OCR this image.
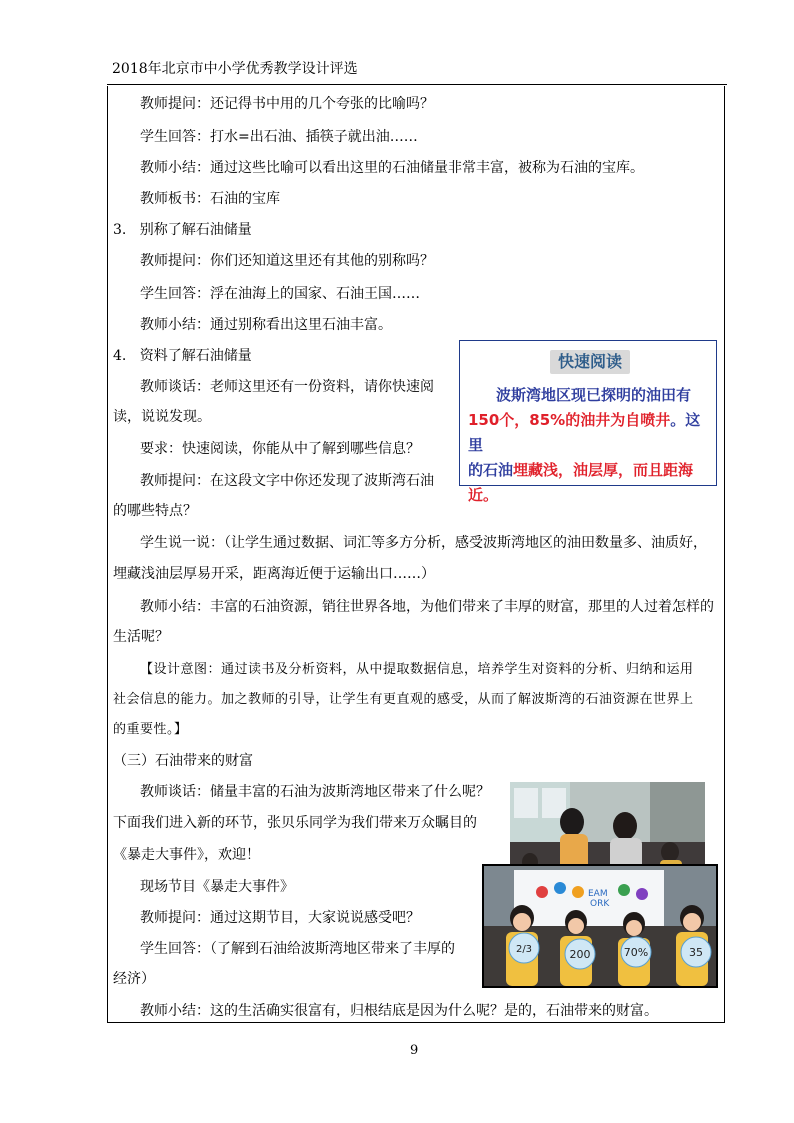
2018年北京市中小学优秀教学设计评选
教师提问：还记得书中用的几个夸张的比喻吗？
学生回答：打水=出石油、插筷子就出油……
教师小结：通过这些比喻可以看出这里的石油储量非常丰富，被称为石油的宝库。
教师板书：石油的宝库
3.   别称了解石油储量
教师提问：你们还知道这里还有其他的别称吗？
学生回答：浮在油海上的国家、石油王国……
教师小结：通过别称看出这里石油丰富。
4.   资料了解石油储量
教师谈话：老师这里还有一份资料，请你快速阅
读，说说发现。
要求：快速阅读，你能从中了解到哪些信息？
教师提问：在这段文字中你还发现了波斯湾石油
的哪些特点？
学生说一说：（让学生通过数据、词汇等多方分析，感受波斯湾地区的油田数量多、油质好，
埋藏浅油层厚易开采，距离海近便于运输出口……）
教师小结：丰富的石油资源，销往世界各地，为他们带来了丰厚的财富，那里的人过着怎样的
生活呢？
【设计意图：通过读书及分析资料，从中提取数据信息，培养学生对资料的分析、归纳和运用
社会信息的能力。加之教师的引导，让学生有更直观的感受，从而了解波斯湾的石油资源在世界上
的重要性。】
（三）石油带来的财富
教师谈话：储量丰富的石油为波斯湾地区带来了什么呢？
下面我们进入新的环节，张贝乐同学为我们带来万众瞩目的
《暴走大事件》，欢迎！
现场节目《暴走大事件》
教师提问：通过这期节目，大家说说感受吧？
学生回答：（了解到石油给波斯湾地区带来了丰厚的
经济）
教师小结：这的生活确实很富有，归根结底是因为什么呢？是的，石油带来的财富。
快速阅读
波斯湾地区现已探明的油田有
150个，85%的油井为自喷井。这里
的石油埋藏浅，油层厚，而且距海
近。
EAM
ORK
2/3	200	70%	35
9
